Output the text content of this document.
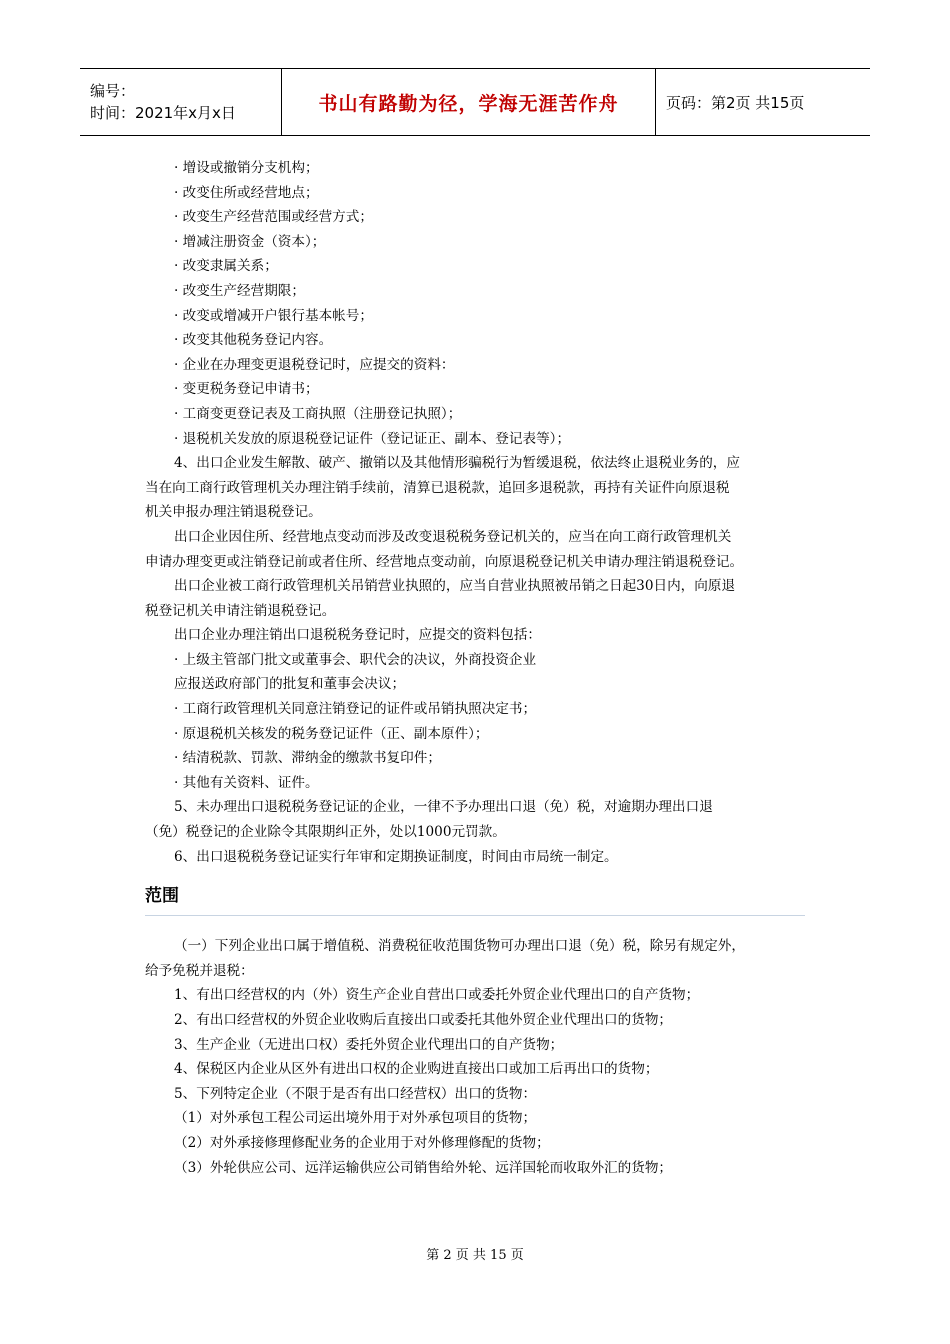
编号：
时间：2021年x月x日	书山有路勤为径，学海无涯苦作舟	页码：第2页 共15页
· 增设或撤销分支机构；
· 改变住所或经营地点；
· 改变生产经营范围或经营方式；
· 增减注册资金（资本）；
· 改变隶属关系；
· 改变生产经营期限；
· 改变或增减开户银行基本帐号；
· 改变其他税务登记内容。
· 企业在办理变更退税登记时，应提交的资料：
· 变更税务登记申请书；
· 工商变更登记表及工商执照（注册登记执照）；
· 退税机关发放的原退税登记证件（登记证正、副本、登记表等）；
4、出口企业发生解散、破产、撤销以及其他情形骗税行为暂缓退税，依法终止退税业务的，应
当在向工商行政管理机关办理注销手续前，清算已退税款，追回多退税款，再持有关证件向原退税
机关申报办理注销退税登记。
出口企业因住所、经营地点变动而涉及改变退税税务登记机关的，应当在向工商行政管理机关
申请办理变更或注销登记前或者住所、经营地点变动前，向原退税登记机关申请办理注销退税登记。
出口企业被工商行政管理机关吊销营业执照的，应当自营业执照被吊销之日起30日内，向原退
税登记机关申请注销退税登记。
出口企业办理注销出口退税税务登记时，应提交的资料包括：
· 上级主管部门批文或董事会、职代会的决议，外商投资企业
应报送政府部门的批复和董事会决议；
· 工商行政管理机关同意注销登记的证件或吊销执照决定书；
· 原退税机关核发的税务登记证件（正、副本原件）；
· 结清税款、罚款、滞纳金的缴款书复印件；
· 其他有关资料、证件。
5、未办理出口退税税务登记证的企业，一律不予办理出口退（免）税，对逾期办理出口退
（免）税登记的企业除令其限期纠正外，处以1000元罚款。
6、出口退税税务登记证实行年审和定期换证制度，时间由市局统一制定。
范围
（一）下列企业出口属于增值税、消费税征收范围货物可办理出口退（免）税，除另有规定外，
给予免税并退税：
1、有出口经营权的内（外）资生产企业自营出口或委托外贸企业代理出口的自产货物；
2、有出口经营权的外贸企业收购后直接出口或委托其他外贸企业代理出口的货物；
3、生产企业（无进出口权）委托外贸企业代理出口的自产货物；
4、保税区内企业从区外有进出口权的企业购进直接出口或加工后再出口的货物；
5、下列特定企业（不限于是否有出口经营权）出口的货物：
（1）对外承包工程公司运出境外用于对外承包项目的货物；
（2）对外承接修理修配业务的企业用于对外修理修配的货物；
（3）外轮供应公司、远洋运输供应公司销售给外轮、远洋国轮而收取外汇的货物；
第 2 页 共 15 页
